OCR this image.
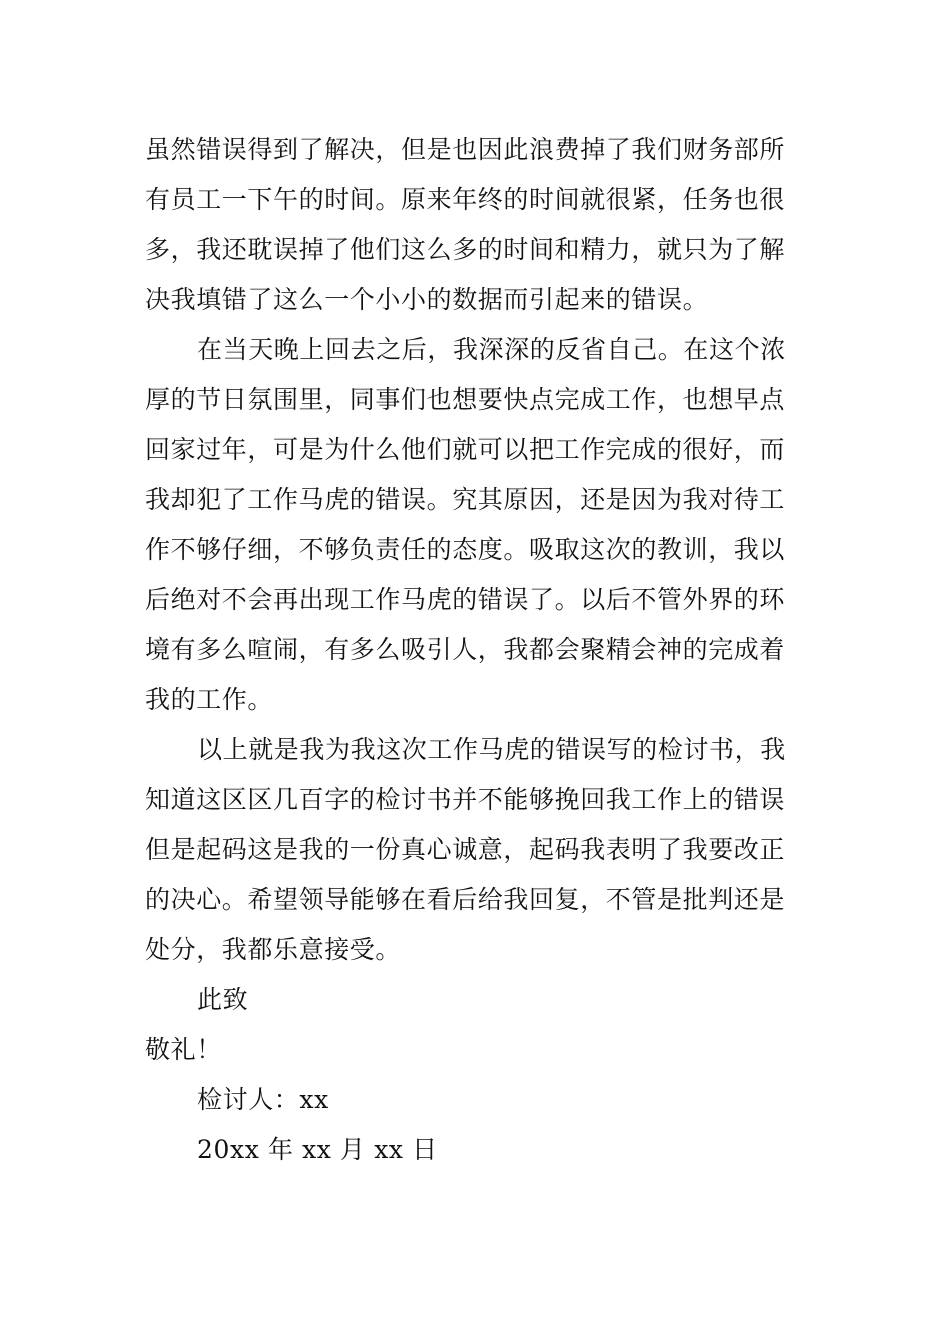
虽然错误得到了解决，但是也因此浪费掉了我们财务部所
有员工一下午的时间。原来年终的时间就很紧，任务也很
多，我还耽误掉了他们这么多的时间和精力，就只为了解
决我填错了这么一个小小的数据而引起来的错误。
在当天晚上回去之后，我深深的反省自己。在这个浓
厚的节日氛围里，同事们也想要快点完成工作，也想早点
回家过年，可是为什么他们就可以把工作完成的很好，而
我却犯了工作马虎的错误。究其原因，还是因为我对待工
作不够仔细，不够负责任的态度。吸取这次的教训，我以
后绝对不会再出现工作马虎的错误了。以后不管外界的环
境有多么喧闹，有多么吸引人，我都会聚精会神的完成着
我的工作。
以上就是我为我这次工作马虎的错误写的检讨书，我
知道这区区几百字的检讨书并不能够挽回我工作上的错误
但是起码这是我的一份真心诚意，起码我表明了我要改正
的决心。希望领导能够在看后给我回复，不管是批判还是
处分，我都乐意接受。
此致
敬礼！
检讨人：xx
20xx 年 xx 月 xx 日
